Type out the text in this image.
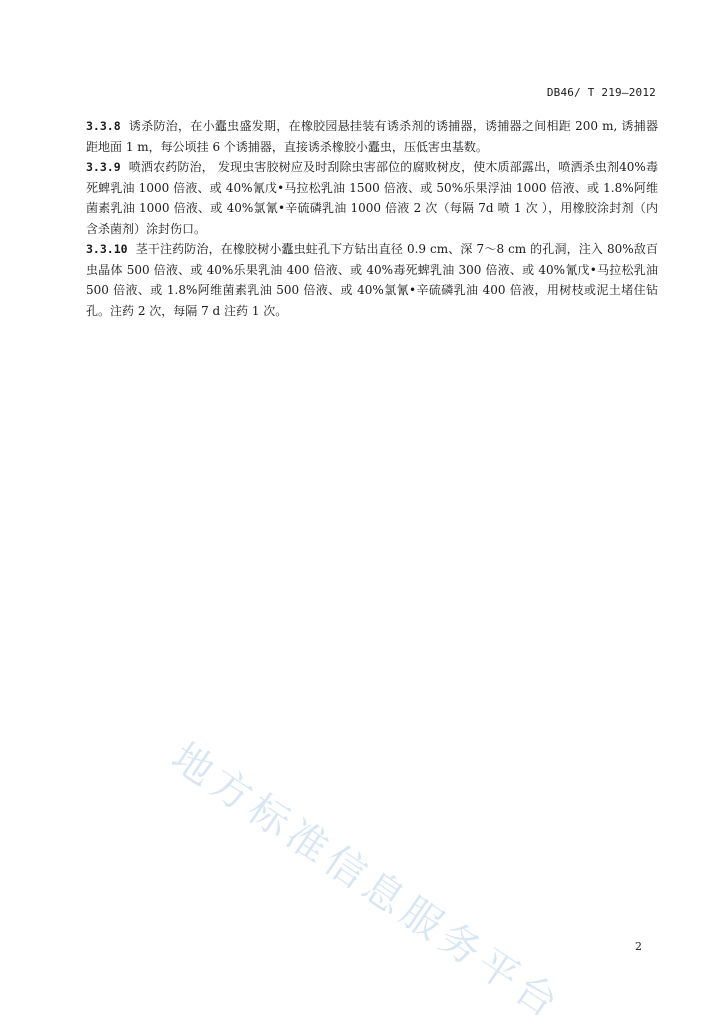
DB46/ T 219—2012

3.3.8 诱杀防治，在小蠹虫盛发期，在橡胶园悬挂装有诱杀剂的诱捕器，诱捕器之间相距 200 m, 诱捕器距地面 1 m，每公顷挂 6 个诱捕器，直接诱杀橡胶小蠹虫，压低害虫基数。

3.3.9 喷洒农药防治， 发现虫害胶树应及时刮除虫害部位的腐败树皮，使木质部露出，喷洒杀虫剂40%毒死蜱乳油 1000 倍液、或 40%氰戊•马拉松乳油 1500 倍液、或 50%乐果浮油 1000 倍液、或 1.8%阿维菌素乳油 1000 倍液、或 40%氯氰•辛硫磷乳油 1000 倍液 2 次（每隔 7d 喷 1 次 ），用橡胶涂封剂（内含杀菌剂）涂封伤口。

3.3.10 茎干注药防治，在橡胶树小蠹虫蛀孔下方钻出直径 0.9 cm、深 7～8 cm 的孔洞，注入 80%敌百虫晶体 500 倍液、或 40%乐果乳油 400 倍液、或 40%毒死蜱乳油 300 倍液、或 40%氰戊•马拉松乳油 500 倍液、或 1.8%阿维菌素乳油 500 倍液、或 40%氯氰•辛硫磷乳油 400 倍液，用树枝或泥土堵住钻孔。注药 2 次，每隔 7 d 注药 1 次。

地方标准信息服务平台	2
